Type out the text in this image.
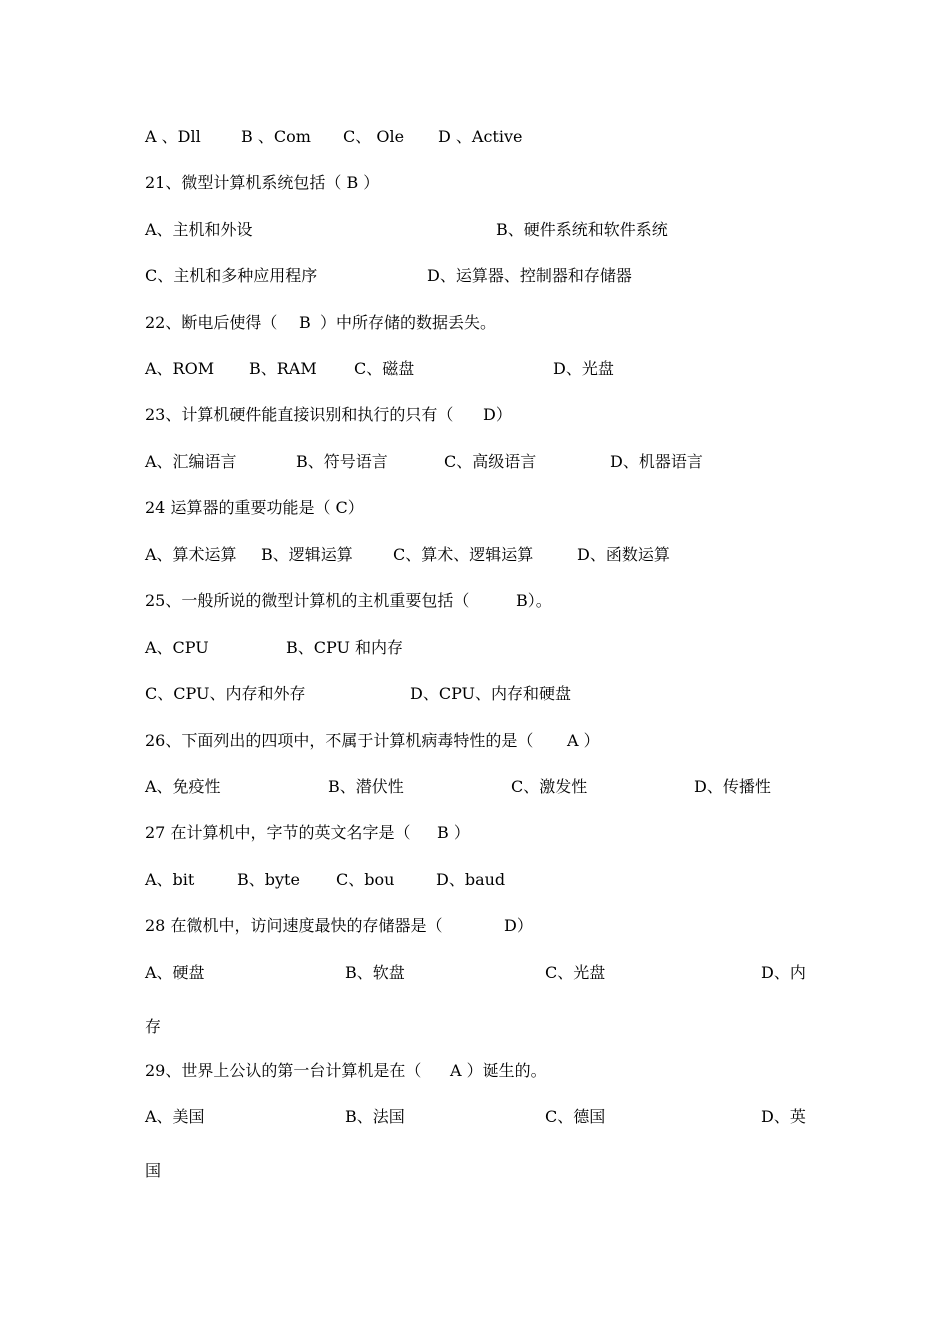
A 、Dll	B 、Com C、 Ole D 、Active
21、微型计算机系统包括（ B ）
A、主机和外设	B、硬件系统和软件系统
C、主机和多种应用程序	D、运算器、控制器和存储器
22、断电后使得（ B ）中所存储的数据丢失。
A、ROM B、RAM C、磁盘	D、光盘
23、计算机硬件能直接识别和执行的只有（ D）
A、汇编语言	B、符号语言	C、高级语言	D、机器语言
24 运算器的重要功能是（ C）
A、算术运算 B、逻辑运算	C、算术、逻辑运算	D、函数运算
25、一般所说的微型计算机的主机重要包括（	B）。
A、CPU	B、CPU 和内存
C、CPU、内存和外存	D、CPU、内存和硬盘
26、下面列出的四项中，不属于计算机病毒特性的是（ A ）
A、免疫性	B、潜伏性	C、激发性	D、传播性
27 在计算机中，字节的英文名字是（ B ）
A、bit	B、byte C、bou	D、baud
28 在微机中，访问速度最快的存储器是（	D）
A、硬盘	B、软盘	C、光盘	D、内
存
29、世界上公认的第一台计算机是在（ A ）诞生的。
A、美国	B、法国	C、德国	D、英
国
